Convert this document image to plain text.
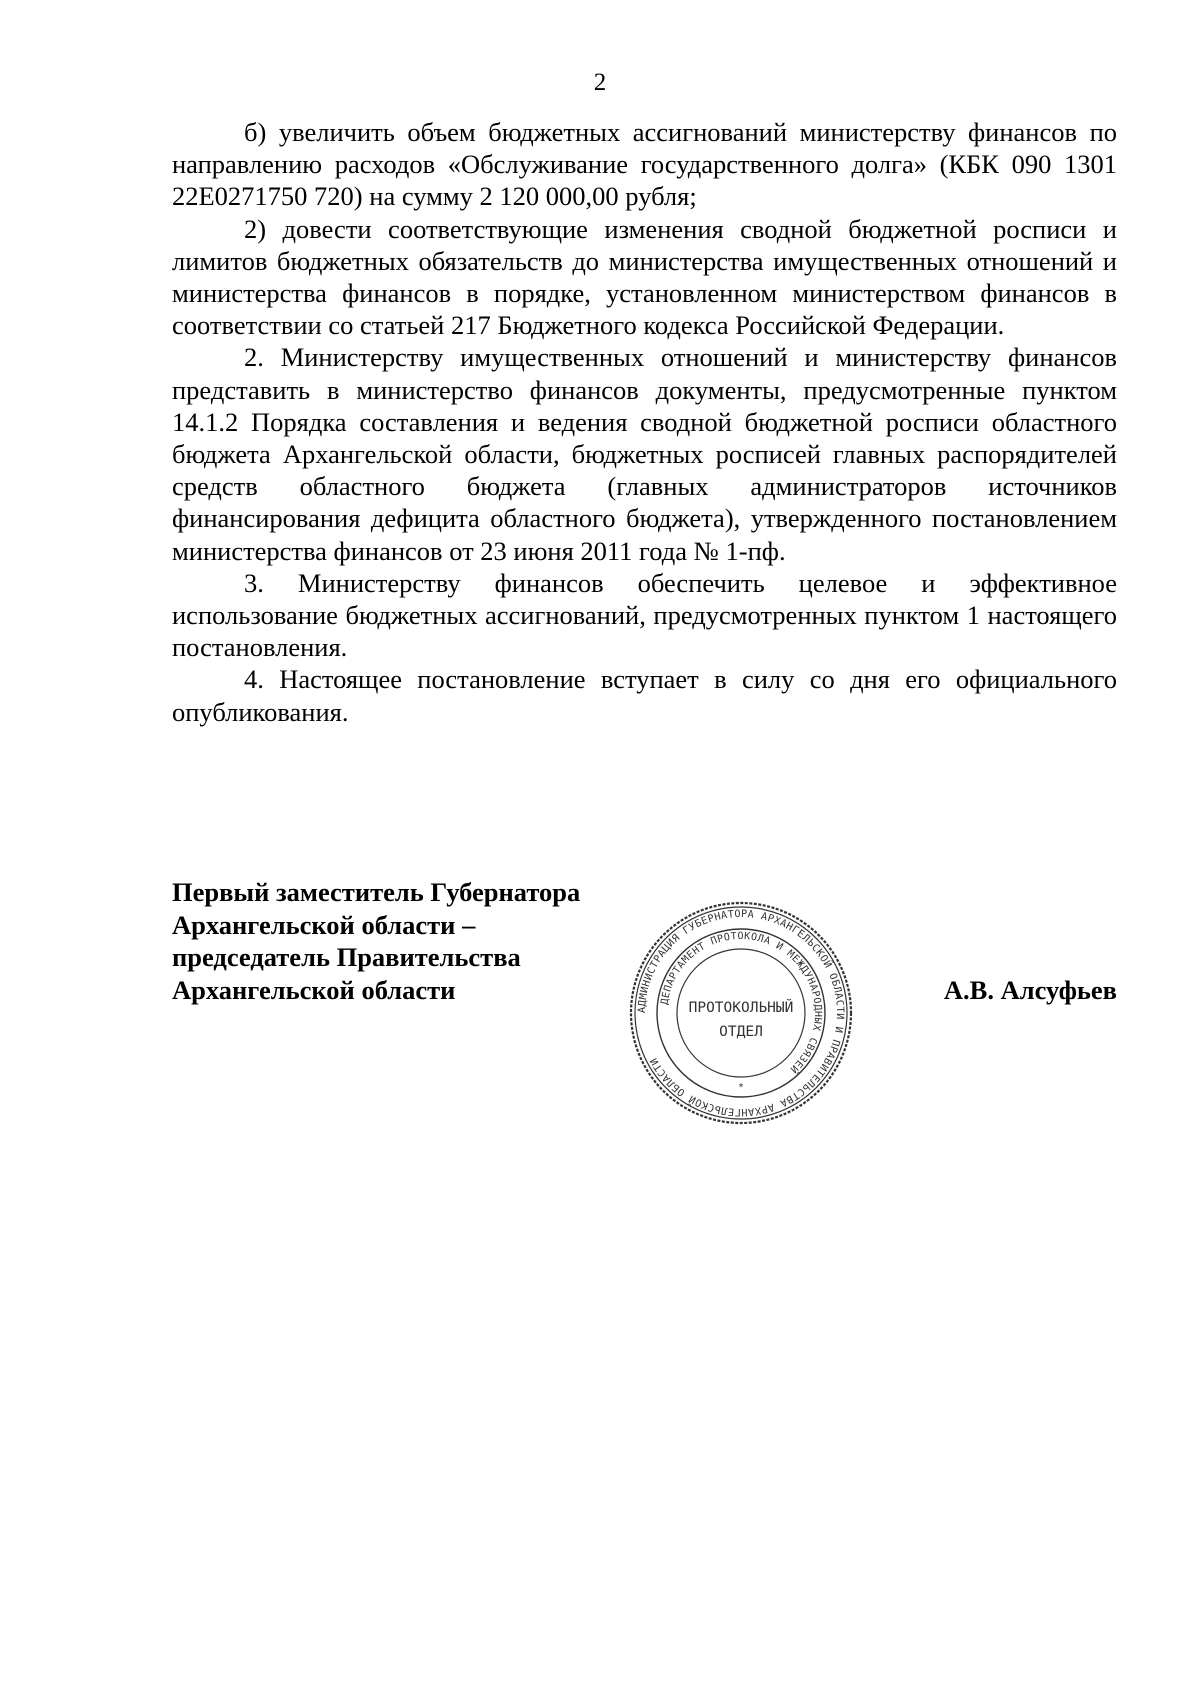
2

б) увеличить объем бюджетных ассигнований министерству финансов по направлению расходов «Обслуживание государственного долга» (КБК 090 1301 22Е0271750 720) на сумму 2 120 000,00 рубля;

2) довести соответствующие изменения сводной бюджетной росписи и лимитов бюджетных обязательств до министерства имущественных отношений и министерства финансов в порядке, установленном министерством финансов в соответствии со статьей 217 Бюджетного кодекса Российской Федерации.

2. Министерству имущественных отношений и министерству финансов представить в министерство финансов документы, предусмотренные пунктом 14.1.2 Порядка составления и ведения сводной бюджетной росписи областного бюджета Архангельской области, бюджетных росписей главных распорядителей средств областного бюджета (главных администраторов источников финансирования дефицита областного бюджета), утвержденного постановлением министерства финансов от 23 июня 2011 года № 1-пф.

3. Министерству финансов обеспечить целевое и эффективное использование бюджетных ассигнований, предусмотренных пунктом 1 настоящего постановления.

4. Настоящее постановление вступает в силу со дня его официального опубликования.

Первый заместитель Губернатора
Архангельской области –
председатель Правительства
Архангельской области
АДМИНИСТРАЦИЯ ГУБЕРНАТОРА АРХАНГЕЛЬСКОЙ ОБЛАСТИ И ПРАВИТЕЛЬСТВА АРХАНГЕЛЬСКОЙ ОБЛАСТИ
ДЕПАРТАМЕНТ ПРОТОКОЛА И МЕЖДУНАРОДНЫХ СВЯЗЕЙ
ПРОТОКОЛЬНЫЙ
ОТДЕЛ
*
А.В. Алсуфьев
